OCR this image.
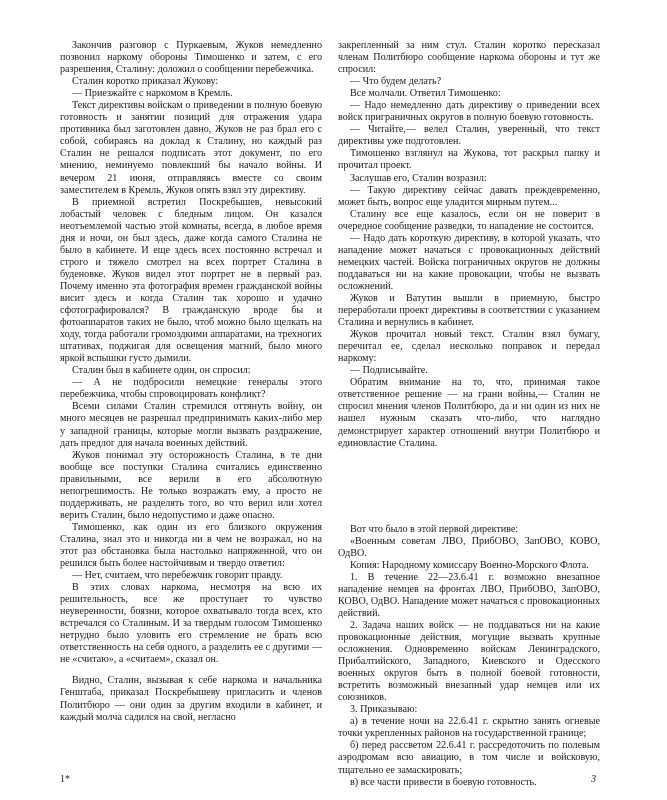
Закончив разговор с Пуркаевым, Жуков немедленно позвонил наркому обороны Тимошенко и затем, с его разрешения, Сталину: доложил о сообщении перебежчика.

Сталин коротко приказал Жукову:

— Приезжайте с наркомом в Кремль.

Текст директивы войскам о приведении в полную боевую готовность и занятии позиций для отражения удара противника был заготовлен давно, Жуков не раз брал его с собой, собираясь на доклад к Сталину, но каждый раз Сталин не решался подписать этот документ, по его мнению, неминуемо повлекший бы начало войны. И вечером 21 июня, отправляясь вместе со своим заместителем в Кремль, Жуков опять взял эту директиву.

В приемной встретил Поскребышев, невысокий лобастый человек с бледным лицом. Он казался неотъемлемой частью этой комнаты, всегда, в любое время дня и ночи, он был здесь, даже когда самого Сталина не было в кабинете. И еще здесь всех постоянно встречал и строго и тяжело смотрел на всех портрет Сталина в буденовке. Жуков видел этот портрет не в первый раз. Почему именно эта фотография времен гражданской войны висит здесь и когда Сталин так хорошо и удачно сфотографировался? В гражданскую вроде бы и фотоаппаратов таких не было, чтоб можно было щелкать на ходу, тогда работали громоздкими аппаратами, на трехногих штативах, поджигая для освещения магний, было много яркой вспышки густо дымили.

Сталин был в кабинете один, он спросил:

— А не подбросили немецкие генералы этого перебежчика, чтобы спровоцировать конфликт?

Всеми силами Сталин стремился оттянуть войну, он много месяцев не разрешал предпринимать каких-либо мер у западной границы, которые могли вызвать раздражение, дать предлог для начала военных действий.

Жуков понимал эту осторожность Сталина, в те дни вообще все поступки Сталина считались единственно правильными, все верили в его абсолютную непогрешимость. Не только возражать ему, а просто не поддерживать, не разделять того, во что верил или хотел верить Сталин, было недопустимо и даже опасно.

Тимошенко, как один из его близкого окружения Сталина, знал это и никогда ни в чем не возражал, но на этот раз обстановка была настолько напряженной, что он решился быть более настойчивым и твердо ответил:

— Нет, считаем, что перебежчик говорит правду.

В этих словах наркома, несмотря на всю их решительность, все же проступает то чувство неуверенности, боязни, которое охватывало тогда всех, кто встречался со Сталиным. И за твердым голосом Тимошенко нетрудно было уловить его стремление не брать всю ответственность на себя одного, а разделить ее с другими — не «считаю», а «считаем», сказал он.

Видно, Сталин, вызывая к себе наркома и начальника Генштаба, приказал Поскребышеву пригласить и членов Политбюро — они один за другим входили в кабинет, и каждый молча садился на свой, негласно

закрепленный за ним стул. Сталин коротко переcказал членам Политбюро сообщение наркома обороны и тут же спросил:

— Что будем делать?

Все молчали. Ответил Тимошенко:

— Надо немедленно дать директиву о приведении всех войск приграничных округов в полную боевую готовность.

— Читайте,— велел Сталин, уверенный, что текст директивы уже подготовлен.

Тимошенко взглянул на Жукова, тот раскрыл папку и прочитал проект.

Заслушав его, Сталин возразил:

— Такую директиву сейчас давать преждевременно, может быть, вопрос еще уладится мирным путем...

Сталину все еще казалось, если он не поверит в очередное сообщение разведки, то нападение не состоится.

— Надо дать короткую директиву, в которой указать, что нападение может начаться с провокационных действий немецких частей. Войска пограничных округов не должны поддаваться ни на какие провокации, чтобы не вызвать осложнений.

Жуков и Ватутин вышли в приемную, быстро переработали проект директивы в соответствии с указанием Сталина и вернулись в кабинет.

Жуков прочитал новый текст. Сталин взял бумагу, перечитал ее, сделал несколько поправок и передал наркому:

— Подписывайте.

Обратим внимание на то, что, принимая такое ответственное решение — на грани войны,— Сталин не спросил мнения членов Политбюро, да и ни один из них не нашел нужным сказать что-либо, что наглядно демонстрирует характер отношений внутри Политбюро и единовластие Сталина.

Вот что было в этой первой директиве:

«Военным советам ЛВО, ПрибОВО, ЗапОВО, КОВО, ОдВО.

Копия: Народному комиссару Военно-Морского Флота.

1. В течение 22—23.6.41 г. возможно внезапное нападение немцев на фронтах ЛВО, ПрибОВО, ЗапОВО, КОВО, ОдВО. Нападение может начаться с провокационных действий.

2. Задача наших войск — не поддаваться ни на какие провокационные действия, могущие вызвать крупные осложнения. Одновременно войскам Ленинградского, Прибалтийского, Западного, Киевского и Одесского военных округов быть в полной боевой готовности, встретить возможный внезапный удар немцев или их союзников.

3. Приказываю:

а) в течение ночи на 22.6.41 г. скрытно занять огневые точки укрепленных районов на государственной границе;

б) перед рассветом 22.6.41 г. рассредоточить по полевым аэродромам всю авиацию, в том числе и войсковую, тщательно ее замаскировать;

в) все части привести в боевую готовность.

1*	3
